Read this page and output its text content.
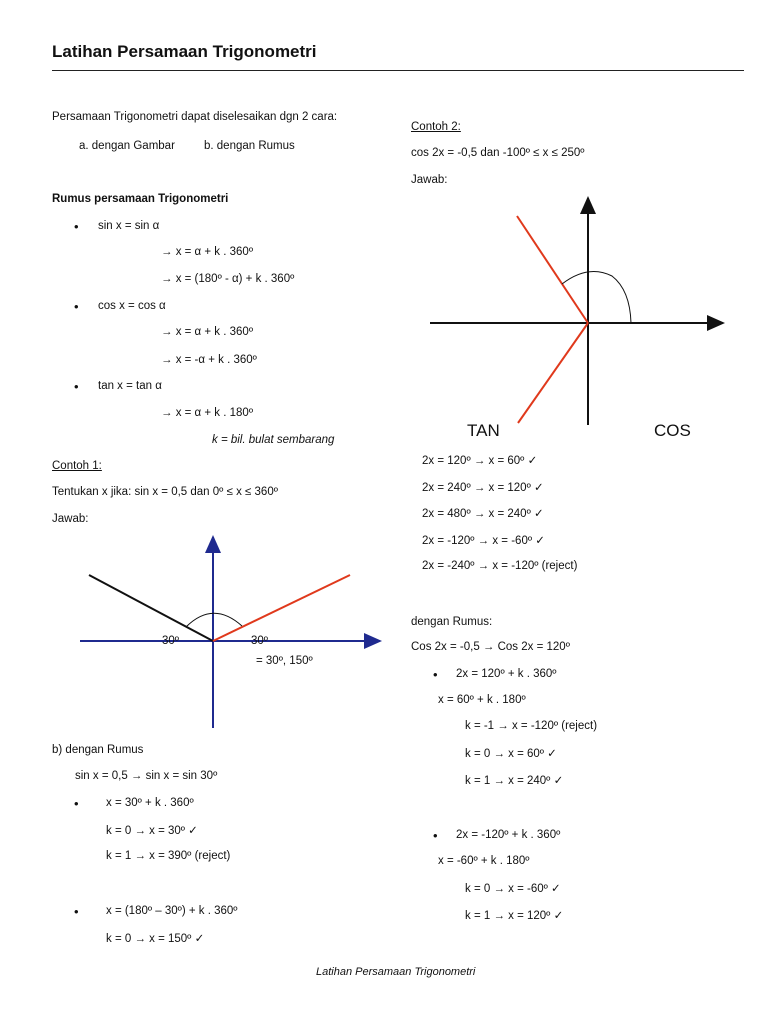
Latihan Persamaan Trigonometri
Persamaan Trigonometri dapat diselesaikan dgn 2 cara:
a. dengan Gambar	b. dengan Rumus
Rumus persamaan Trigonometri
• sin x = sin α
→ x = α + k . 360º
→ x = (180º - α) + k . 360º
• cos x = cos α
→ x = α + k . 360º
→ x = -α + k . 360º
• tan x = tan α
→ x = α + k . 180º
k = bil. bulat sembarang
Contoh 1:
Tentukan x jika: sin x = 0,5 dan 0º ≤ x ≤ 360º
Jawab:
30º	30º
= 30º, 150º
b) dengan Rumus
sin x = 0,5 → sin x = sin 30º
• x = 30º + k . 360º
k = 0 → x = 30º ✓
k = 1 → x = 390º (reject)
• x = (180º – 30º) + k . 360º
k = 0 → x = 150º ✓
Contoh 2:
cos 2x = -0,5 dan -100º ≤ x ≤ 250º
Jawab:
TAN	COS
2x = 120º → x = 60º ✓
2x = 240º → x = 120º ✓
2x = 480º → x = 240º ✓
2x = -120º → x = -60º ✓
2x = -240º → x = -120º (reject)
dengan Rumus:
Cos 2x = -0,5 → Cos 2x = 120º
• 2x = 120º + k . 360º
x = 60º + k . 180º
k = -1 → x = -120º (reject)
k = 0 → x = 60º ✓
k = 1 → x = 240º ✓
• 2x = -120º + k . 360º
x = -60º + k . 180º
k = 0 → x = -60º ✓
k = 1 → x = 120º ✓
Latihan Persamaan Trigonometri
